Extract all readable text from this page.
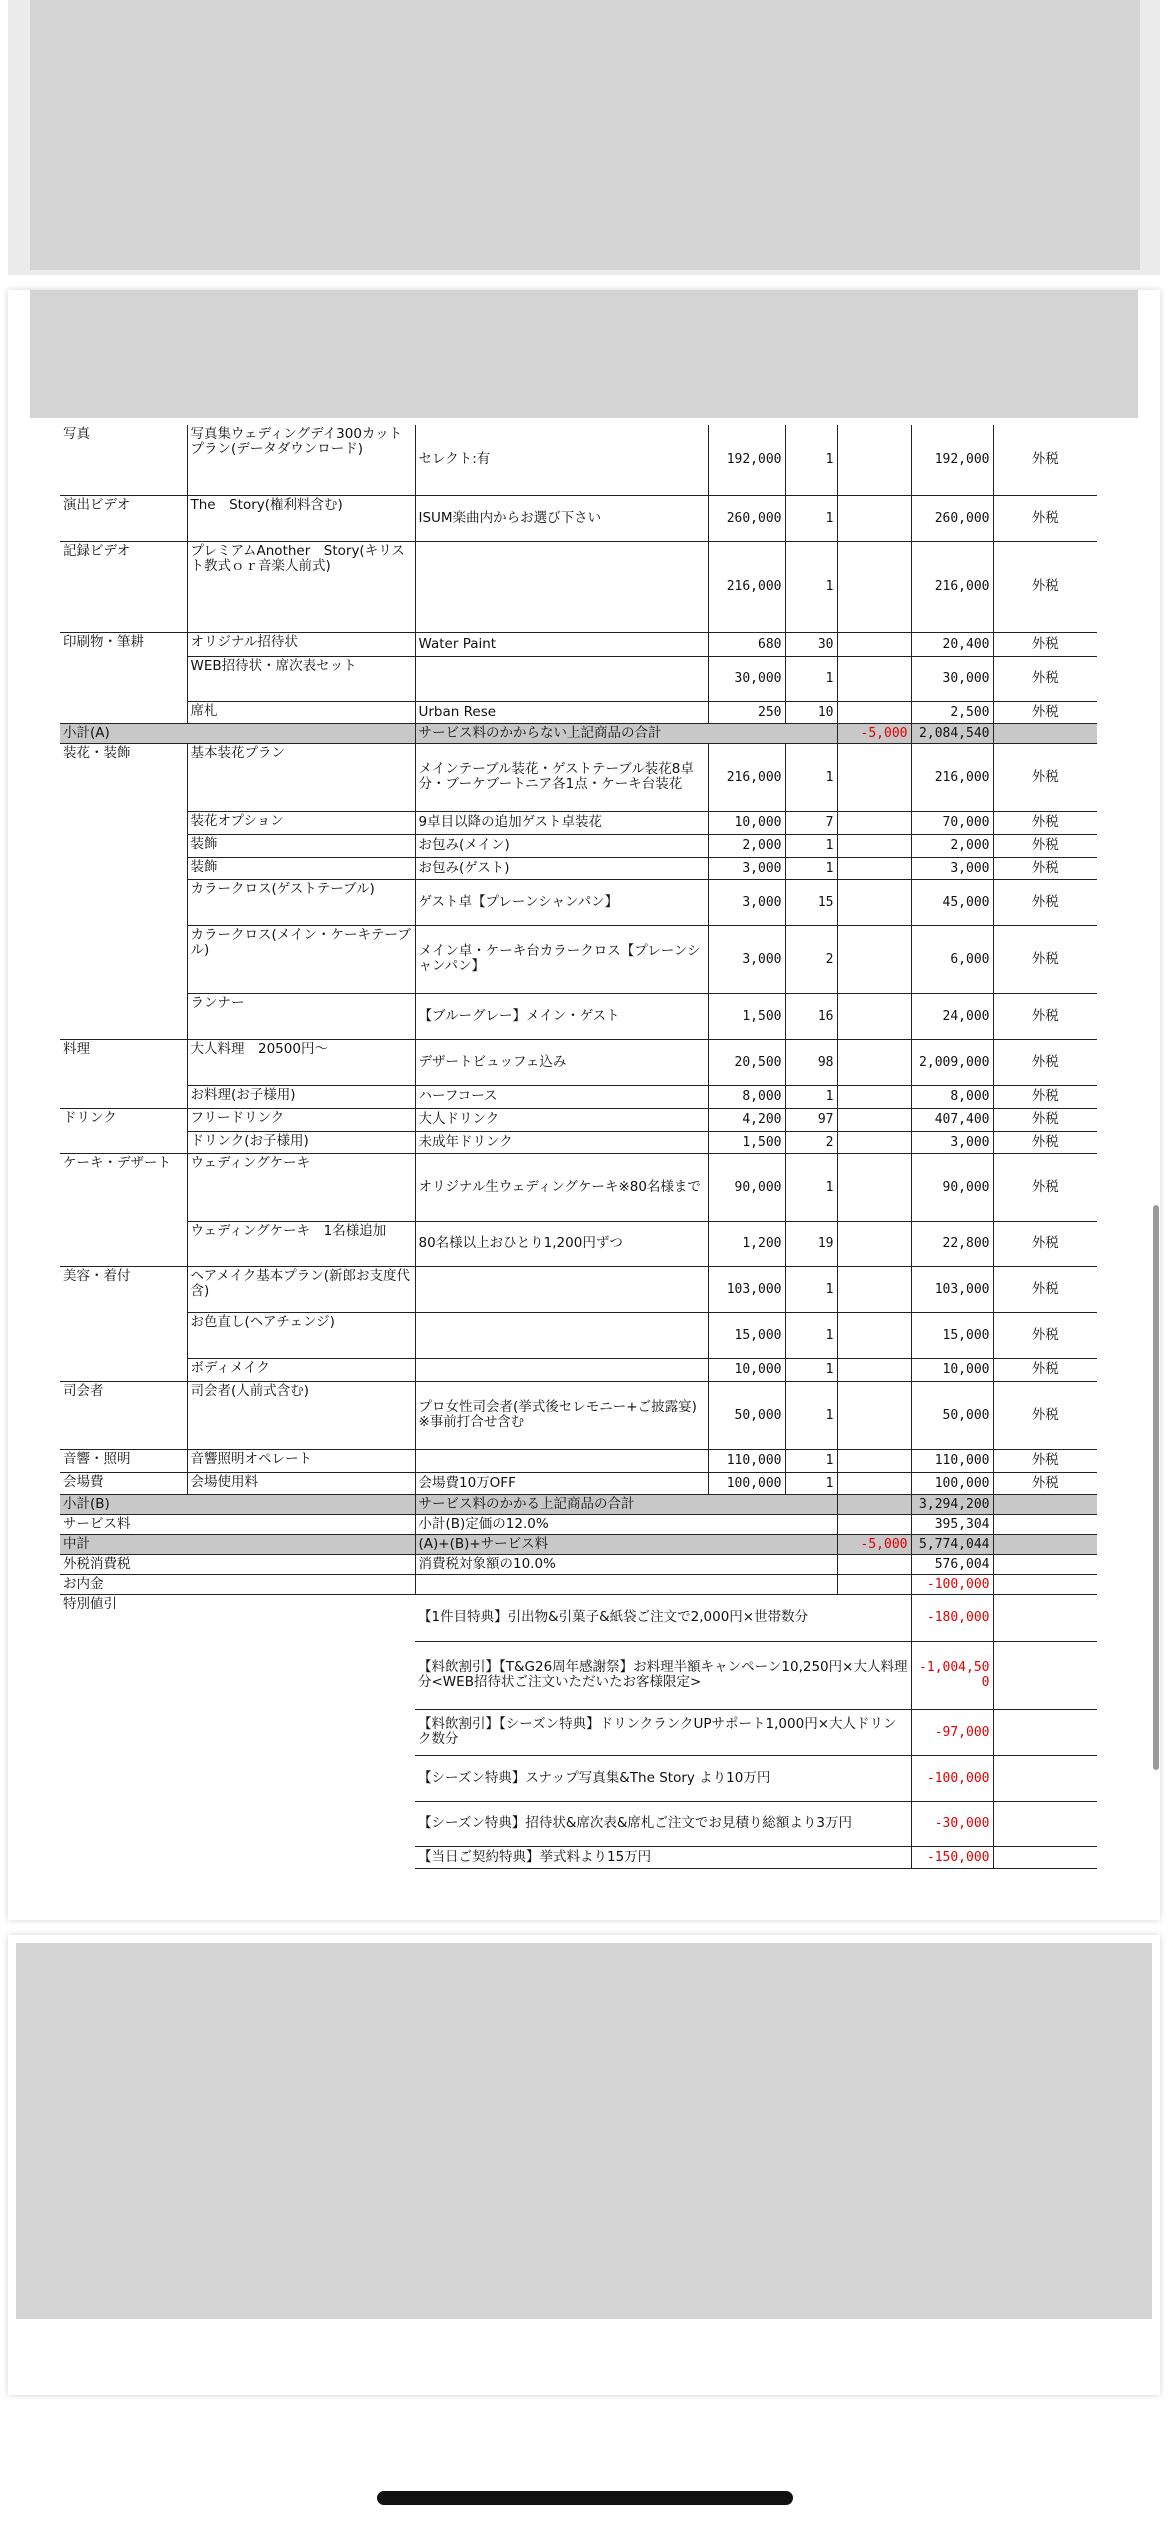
写真	写真集ウェディングデイ300カットプラン(データダウンロード)	セレクト:有	192,000	1		192,000	外税
演出ビデオ	The　Story(権利料含む)	ISUM楽曲内からお選び下さい	260,000	1		260,000	外税
記録ビデオ	プレミアムAnother　Story(キリスト教式ｏｒ音楽人前式)		216,000	1		216,000	外税
印刷物・筆耕	オリジナル招待状	Water Paint	680	30		20,400	外税
	WEB招待状・席次表セット		30,000	1		30,000	外税
	席札	Urban Rese	250	10		2,500	外税
小計(A)		サービス料のかからない上記商品の合計			-5,000	2,084,540	
装花・装飾	基本装花プラン	メインテーブル装花・ゲストテーブル装花8卓分・ブーケブートニア各1点・ケーキ台装花	216,000	1		216,000	外税
	装花オプション	9卓目以降の追加ゲスト卓装花	10,000	7		70,000	外税
	装飾	お包み(メイン)	2,000	1		2,000	外税
	装飾	お包み(ゲスト)	3,000	1		3,000	外税
	カラークロス(ゲストテーブル)	ゲスト卓【プレーンシャンパン】	3,000	15		45,000	外税
	カラークロス(メイン・ケーキテーブル)	メイン卓・ケーキ台カラークロス【プレーンシャンパン】	3,000	2		6,000	外税
	ランナー	【ブルーグレー】メイン・ゲスト	1,500	16		24,000	外税
料理	大人料理　20500円〜	デザートビュッフェ込み	20,500	98		2,009,000	外税
	お料理(お子様用)	ハーフコース	8,000	1		8,000	外税
ドリンク	フリードリンク	大人ドリンク	4,200	97		407,400	外税
	ドリンク(お子様用)	未成年ドリンク	1,500	2		3,000	外税
ケーキ・デザート	ウェディングケーキ	オリジナル生ウェディングケーキ※80名様まで	90,000	1		90,000	外税
	ウェディングケーキ　1名様追加	80名様以上おひとり1,200円ずつ	1,200	19		22,800	外税
美容・着付	ヘアメイク基本プラン(新郎お支度代含)		103,000	1		103,000	外税
	お色直し(ヘアチェンジ)		15,000	1		15,000	外税
	ボディメイク		10,000	1		10,000	外税
司会者	司会者(人前式含む)	プロ女性司会者(挙式後セレモニー+ご披露宴)※事前打合せ含む	50,000	1		50,000	外税
音響・照明	音響照明オペレート		110,000	1		110,000	外税
会場費	会場使用料	会場費10万OFF	100,000	1		100,000	外税
小計(B)		サービス料のかかる上記商品の合計				3,294,200	
サービス料		小計(B)定価の12.0%				395,304	
中計		(A)+(B)+サービス料			-5,000	5,774,044	
外税消費税		消費税対象額の10.0%				576,004	
お内金						-100,000	
特別値引		【1件目特典】引出物&引菓子&紙袋ご注文で2,000円×世帯数分				-180,000	
		【料飲割引】【T&G26周年感謝祭】お料理半額キャンペーン10,250円×大人料理分<WEB招待状ご注文いただいたお客様限定>				-1,004,500	
		【料飲割引】【シーズン特典】ドリンクランクUPサポート1,000円×大人ドリンク数分				-97,000	
		【シーズン特典】スナップ写真集&The Story より10万円				-100,000	
		【シーズン特典】招待状&席次表&席札ご注文でお見積り総額より3万円				-30,000	
		【当日ご契約特典】挙式料より15万円				-150,000	
